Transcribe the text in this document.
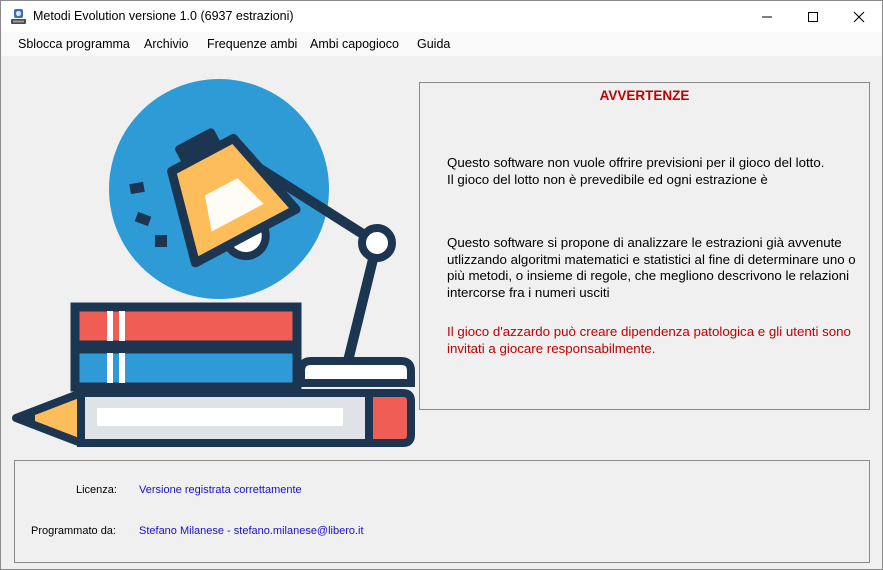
Metodi Evolution versione 1.0 (6937 estrazioni)
Sblocca programma Archivio Frequenze ambi Ambi capogioco Guida
AVVERTENZE

Questo software non vuole offrire previsioni per il gioco del lotto.
Il gioco del lotto non è prevedibile ed ogni estrazione è

Questo software si propone di analizzare le estrazioni già avvenute utlizzando algoritmi matematici e statistici al fine di determinare uno o più metodi, o insieme di regole, che megliono descrivono le relazioni intercorse fra i numeri usciti

Il gioco d'azzardo può creare dipendenza patologica e gli utenti sono invitati a giocare responsabilmente.

Licenza: Versione registrata correttamente
Programmato da: Stefano Milanese - stefano.milanese@libero.it
